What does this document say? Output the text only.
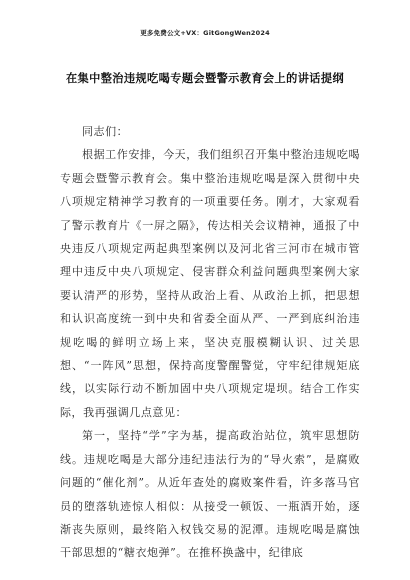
更多免费公文+VX：GitGongWen2024
在集中整治违规吃喝专题会暨警示教育会上的讲话提纲

同志们：

根据工作安排，今天，我们组织召开集中整治违规吃喝专题会暨警示教育会。集中整治违规吃喝是深入贯彻中央八项规定精神学习教育的一项重要任务。刚才，大家观看了警示教育片《一屏之隔》，传达相关会议精神，通报了中央违反八项规定两起典型案例以及河北省三河市在城市管理中违反中央八项规定、侵害群众利益问题典型案例大家要认清严的形势，坚持从政治上看、从政治上抓，把思想和认识高度统一到中央和省委全面从严、一严到底纠治违规吃喝的鲜明立场上来，坚决克服模糊认识、过关思想、“一阵风”思想，保持高度警醒警觉，守牢纪律规矩底线，以实际行动不断加固中央八项规定堤坝。结合工作实际，我再强调几点意见：

第一，坚持“学”字为基，提高政治站位，筑牢思想防线。违规吃喝是大部分违纪违法行为的“导火索”，是腐败问题的“催化剂”。从近年查处的腐败案件看，许多落马官员的堕落轨迹惊人相似：从接受一顿饭、一瓶酒开始，逐渐丧失原则，最终陷入权钱交易的泥潭。违规吃喝是腐蚀干部思想的“糖衣炮弹”。在推杯换盏中，纪律底
